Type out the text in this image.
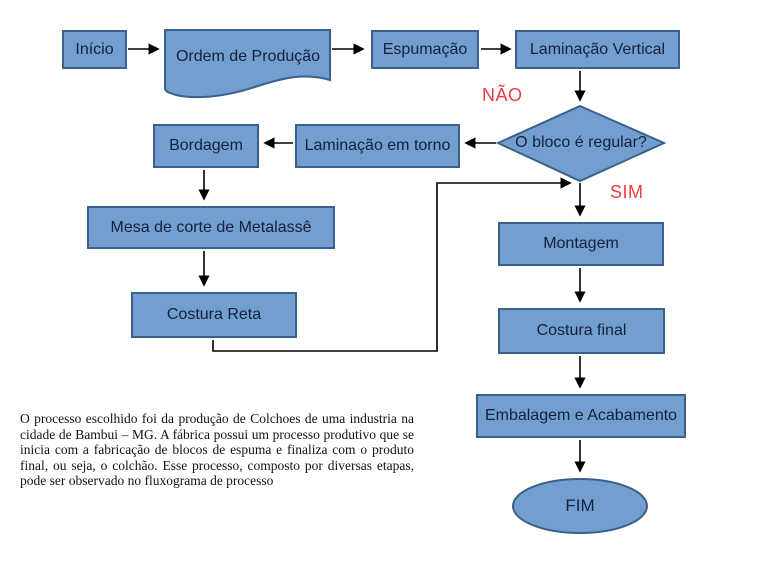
Início	Espumação	Laminação Vertical
Laminação em torno
Bordagem
Mesa de corte de Metalassê
Costura Reta
Montagem
Costura final
Embalagem e Acabamento
Ordem de Produção
O bloco é regular?
FIM
NÃO
SIM

O processo escolhido foi da produção de Colchoes de uma industria na cidade de Bambui – MG. A fábrica possui um processo produtivo que se inicia com a fabricação de blocos de espuma e finaliza com o produto final, ou seja, o colchão. Esse processo, composto por diversas etapas, pode ser observado no fluxograma de processo
